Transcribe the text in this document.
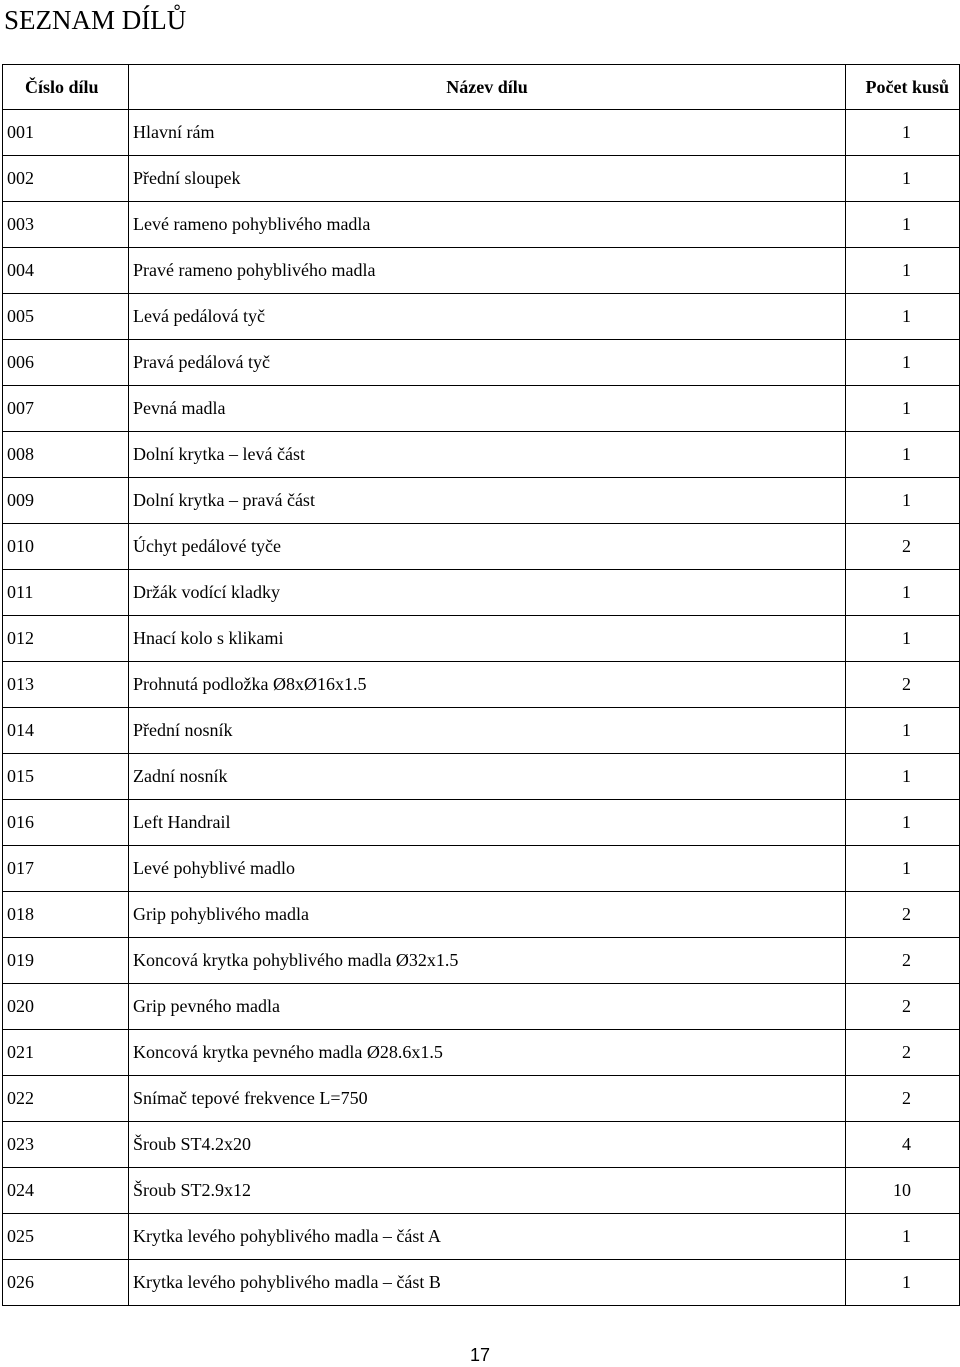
SEZNAM DÍLŮ
Číslo dílu	Název dílu	Počet kusů
001	Hlavní rám	1
002	Přední sloupek	1
003	Levé rameno pohyblivého madla	1
004	Pravé rameno pohyblivého madla	1
005	Levá pedálová tyč	1
006	Pravá pedálová tyč	1
007	Pevná madla	1
008	Dolní krytka – levá část	1
009	Dolní krytka – pravá část	1
010	Úchyt pedálové tyče	2
011	Držák vodící kladky	1
012	Hnací kolo s klikami	1
013	Prohnutá podložka Ø8xØ16x1.5	2
014	Přední nosník	1
015	Zadní nosník	1
016	Left Handrail	1
017	Levé pohyblivé madlo	1
018	Grip pohyblivého madla	2
019	Koncová krytka pohyblivého madla Ø32x1.5	2
020	Grip pevného madla	2
021	Koncová krytka pevného madla Ø28.6x1.5	2
022	Snímač tepové frekvence L=750	2
023	Šroub ST4.2x20	4
024	Šroub ST2.9x12	10
025	Krytka levého pohyblivého madla – část A	1
026	Krytka levého pohyblivého madla – část B	1
17
